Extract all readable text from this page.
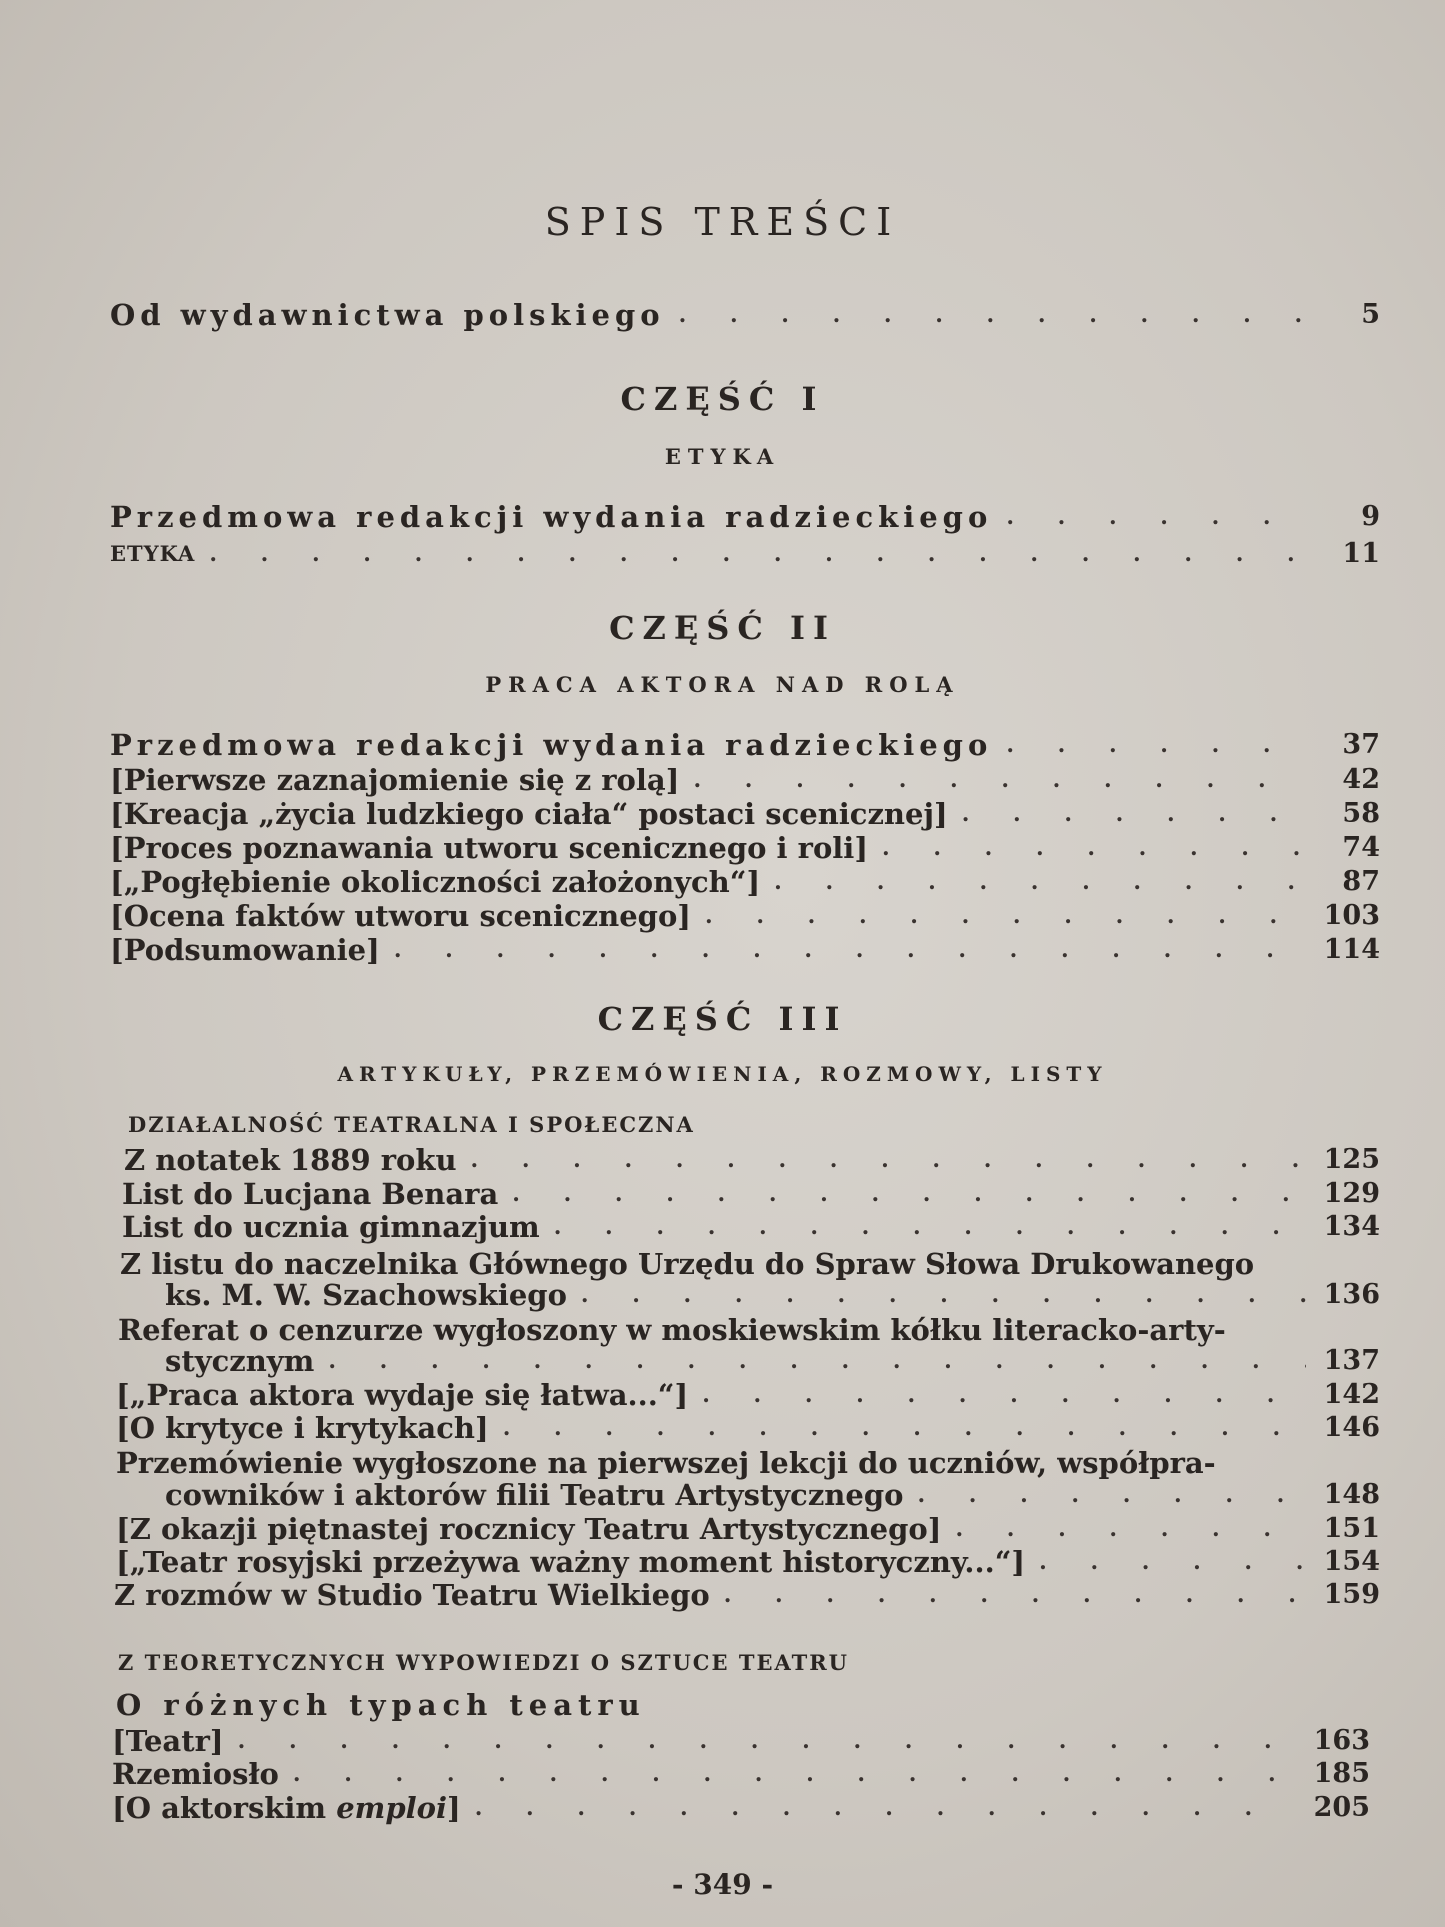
SPIS TREŚCI
Od wydawnictwa polskiego . . .	5
CZĘŚĆ I
ETYKA
Przedmowa redakcji wydania radzieckiego . . .	9
ETYKA . . .	11
CZĘŚĆ II
PRACA AKTORA NAD ROLĄ
Przedmowa redakcji wydania radzieckiego . . .	37
[Pierwsze zaznajomienie się z rolą] . . .	42
[Kreacja „życia ludzkiego ciała“ postaci scenicznej] . . .	58
[Proces poznawania utworu scenicznego i roli] . . .	74
[„Pogłębienie okoliczności założonych“] . . .	87
[Ocena faktów utworu scenicznego] . . .	103
[Podsumowanie] . . .	114
CZĘŚĆ III
ARTYKUŁY, PRZEMÓWIENIA, ROZMOWY, LISTY
DZIAŁALNOŚĆ TEATRALNA I SPOŁECZNA
Z notatek 1889 roku . . .	125
List do Lucjana Benara . . .	129
List do ucznia gimnazjum . . .	134
Z listu do naczelnika Głównego Urzędu do Spraw Słowa Drukowanego
ks. M. W. Szachowskiego . . .	136
Referat o cenzurze wygłoszony w moskiewskim kółku literacko-arty-
stycznym . . .	137
[„Praca aktora wydaje się łatwa...“] . . .	142
[O krytyce i krytykach] . . .	146
Przemówienie wygłoszone na pierwszej lekcji do uczniów, współpra-
cowników i aktorów filii Teatru Artystycznego . . .	148
[Z okazji piętnastej rocznicy Teatru Artystycznego] . . .	151
[„Teatr rosyjski przeżywa ważny moment historyczny...“] . . .	154
Z rozmów w Studio Teatru Wielkiego . . .	159
Z TEORETYCZNYCH WYPOWIEDZI O SZTUCE TEATRU
O różnych typach teatru
[Teatr] . . .	163
Rzemiosło . . .	185
[O aktorskim emploi] . . .	205
- 349 -
